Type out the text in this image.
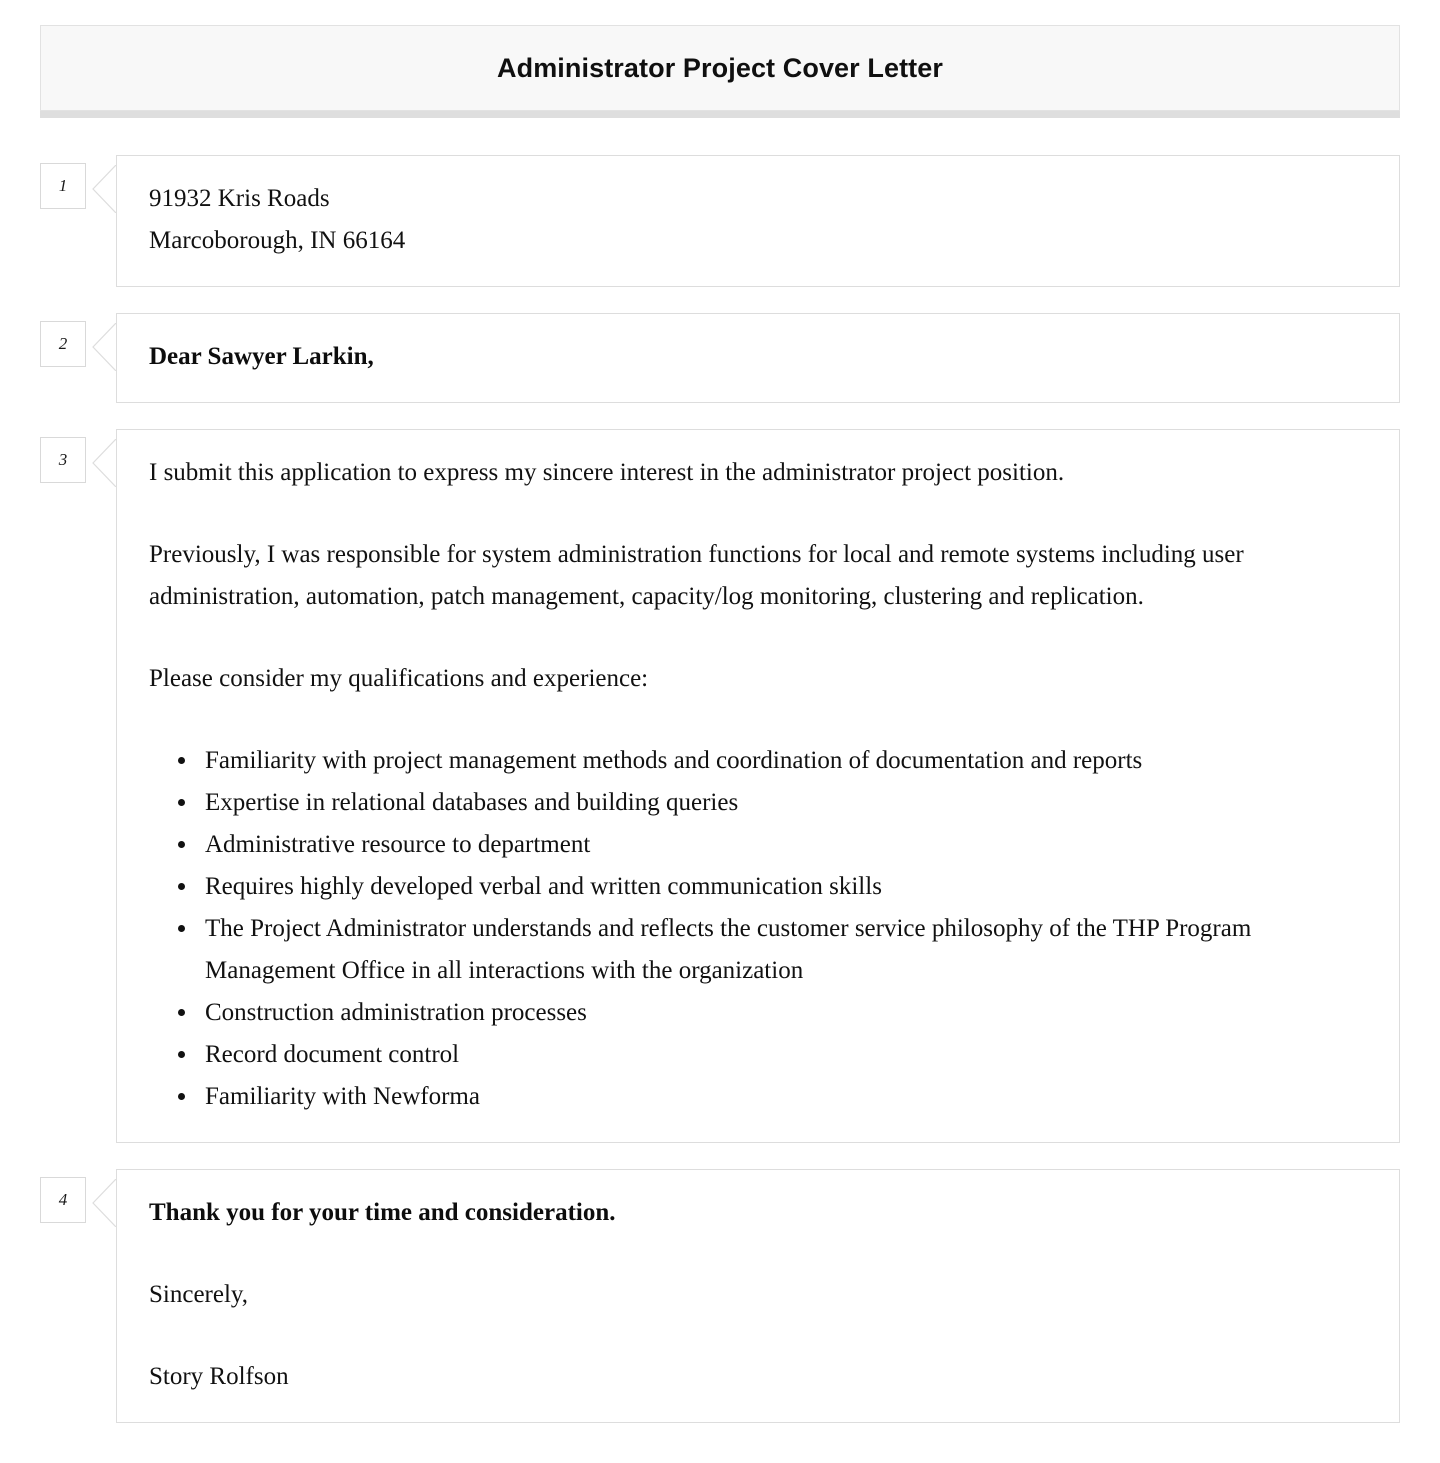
Administrator Project Cover Letter
1	91932 Kris Roads
Marcoborough, IN 66164
2	Dear Sawyer Larkin,
3	I submit this application to express my sincere interest in the administrator project position.

Previously, I was responsible for system administration functions for local and remote systems including user administration, automation, patch management, capacity/log monitoring, clustering and replication.

Please consider my qualifications and experience:

• Familiarity with project management methods and coordination of documentation and reports
• Expertise in relational databases and building queries
• Administrative resource to department
• Requires highly developed verbal and written communication skills
• The Project Administrator understands and reflects the customer service philosophy of the THP Program Management Office in all interactions with the organization
• Construction administration processes
• Record document control
• Familiarity with Newforma
4	Thank you for your time and consideration.

Sincerely,

Story Rolfson
